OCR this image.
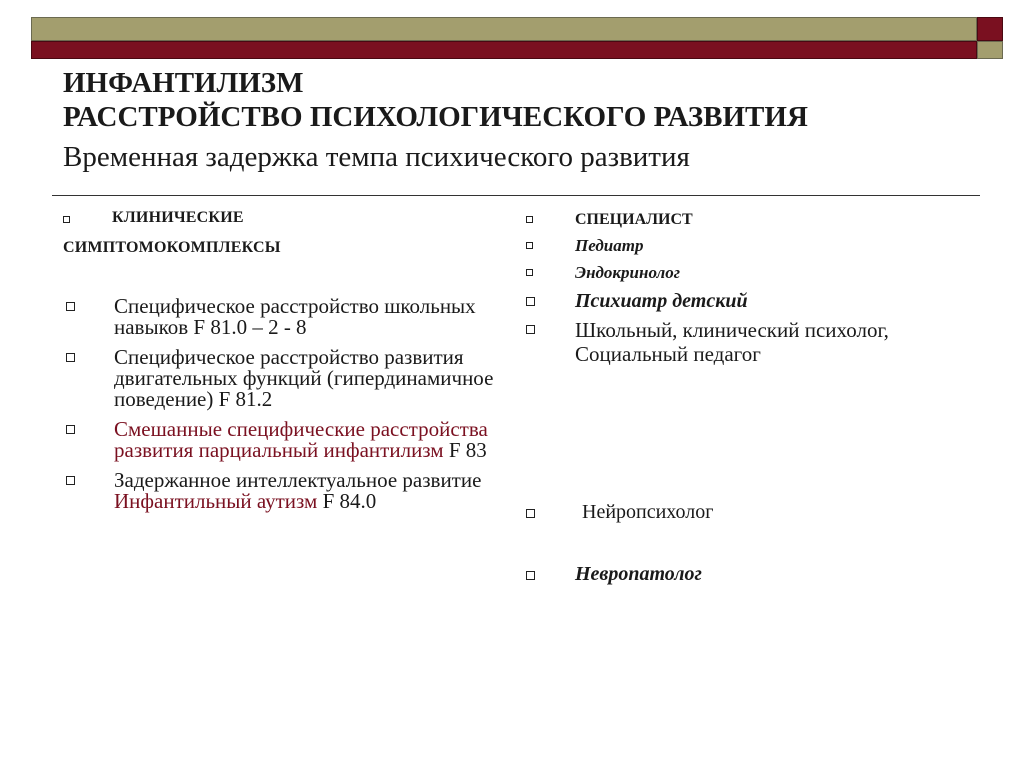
ИНФАНТИЛИЗМ
РАССТРОЙСТВО ПСИХОЛОГИЧЕСКОГО РАЗВИТИЯ
Временная задержка темпа психического развития
КЛИНИЧЕСКИЕ
СИМПТОМОКОМПЛЕКСЫ
Специфическое расстройство школьных навыков F 81.0 – 2 - 8
Специфическое расстройство развития двигательных функций (гипердинамичное поведение) F 81.2
Смешанные специфические расстройства развития парциальный инфантилизм F 83
Задержанное интеллектуальное развитие Инфантильный аутизм F 84.0
СПЕЦИАЛИСТ
Педиатр
Эндокринолог
Психиатр детский
Школьный, клинический психолог, Социальный педагог
Нейропсихолог
Невропатолог
